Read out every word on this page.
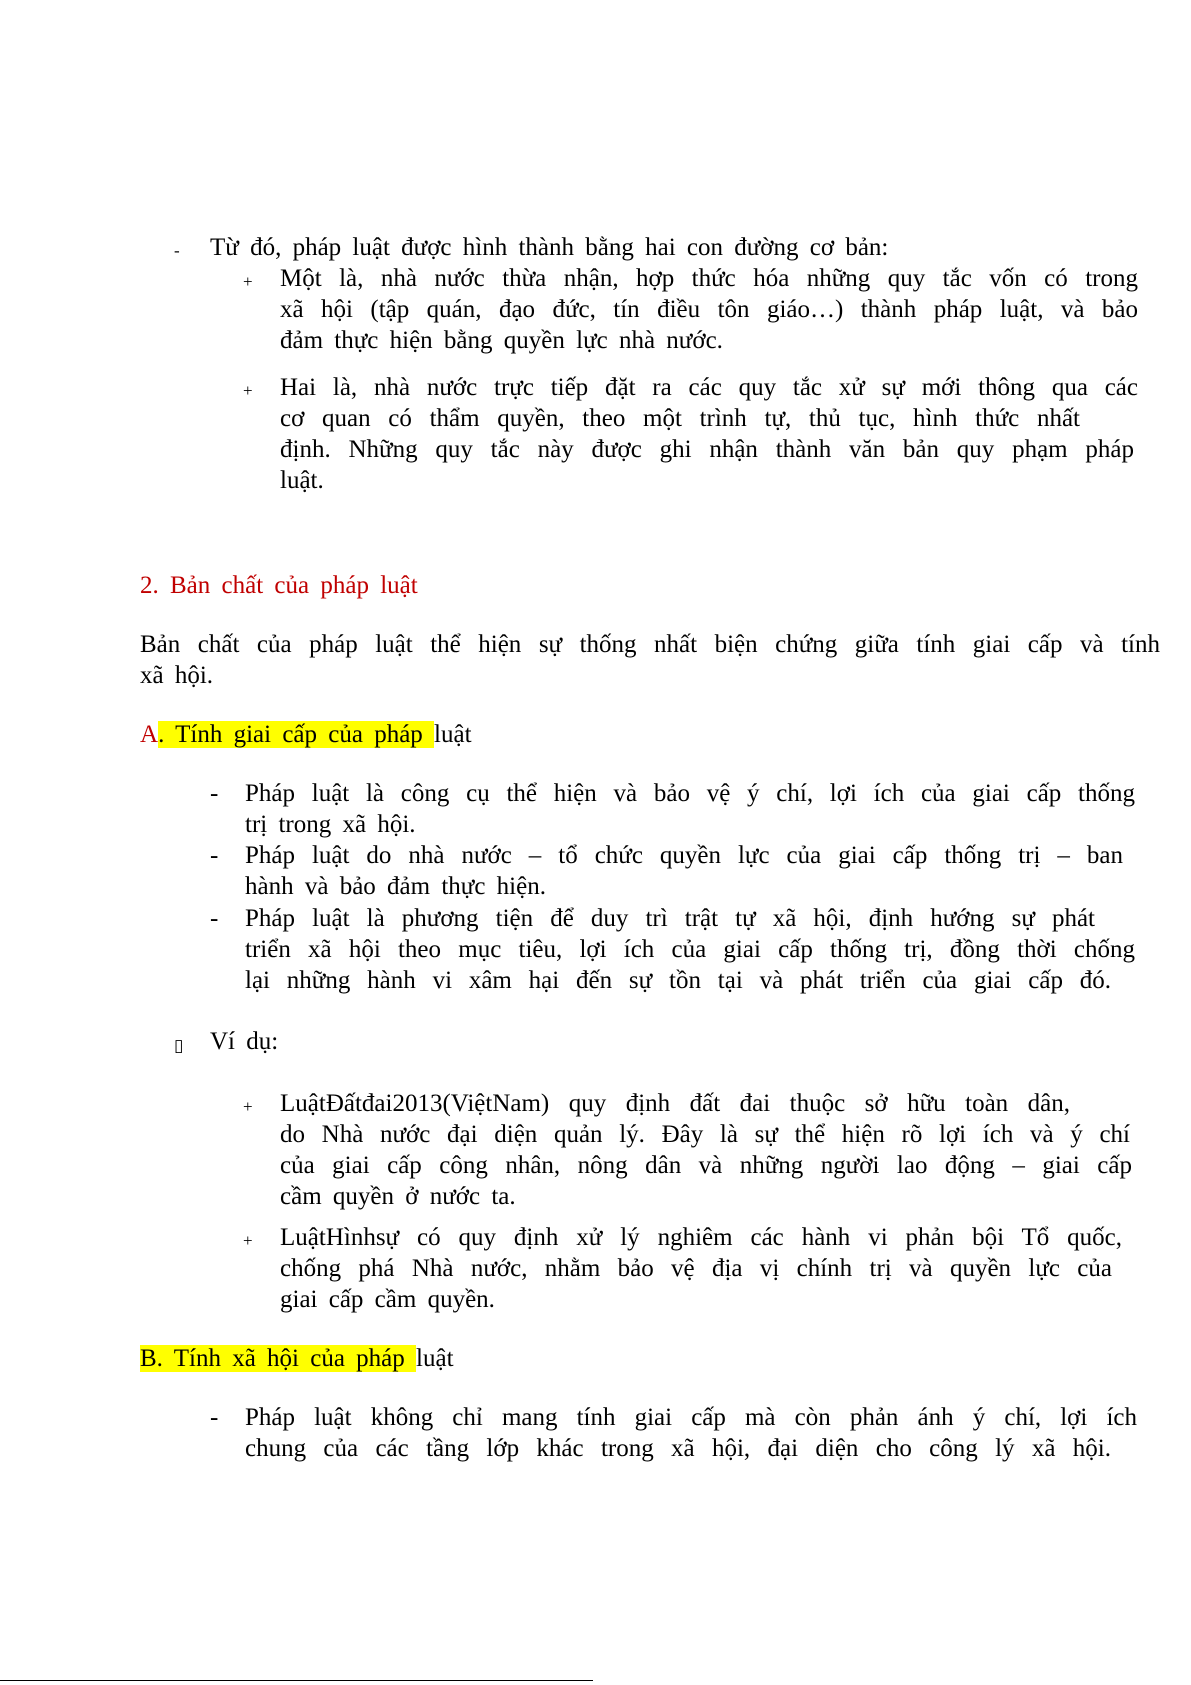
- Từ đó, pháp luật được hình thành bằng hai con đường cơ bản:
+ Một là, nhà nước thừa nhận, hợp thức hóa những quy tắc vốn có trong
xã hội (tập quán, đạo đức, tín điều tôn giáo…) thành pháp luật, và bảo
đảm thực hiện bằng quyền lực nhà nước.
+ Hai là, nhà nước trực tiếp đặt ra các quy tắc xử sự mới thông qua các
cơ quan có thẩm quyền, theo một trình tự, thủ tục, hình thức nhất
định. Những quy tắc này được ghi nhận thành văn bản quy phạm pháp
luật.
2. Bản chất của pháp luật
Bản chất của pháp luật thể hiện sự thống nhất biện chứng giữa tính giai cấp và tính
xã hội.
A. Tính giai cấp của pháp luật
- Pháp luật là công cụ thể hiện và bảo vệ ý chí, lợi ích của giai cấp thống
trị trong xã hội.
- Pháp luật do nhà nước – tổ chức quyền lực của giai cấp thống trị – ban
hành và bảo đảm thực hiện.
- Pháp luật là phương tiện để duy trì trật tự xã hội, định hướng sự phát
triển xã hội theo mục tiêu, lợi ích của giai cấp thống trị, đồng thời chống
lại những hành vi xâm hại đến sự tồn tại và phát triển của giai cấp đó.
▯ Ví dụ:
+ LuậtĐấtđai2013(ViệtNam) quy định đất đai thuộc sở hữu toàn dân,
do Nhà nước đại diện quản lý. Đây là sự thể hiện rõ lợi ích và ý chí
của giai cấp công nhân, nông dân và những người lao động – giai cấp
cầm quyền ở nước ta.
+ LuậtHìnhsự có quy định xử lý nghiêm các hành vi phản bội Tổ quốc,
chống phá Nhà nước, nhằm bảo vệ địa vị chính trị và quyền lực của
giai cấp cầm quyền.
B. Tính xã hội của pháp luật
- Pháp luật không chỉ mang tính giai cấp mà còn phản ánh ý chí, lợi ích
chung của các tầng lớp khác trong xã hội, đại diện cho công lý xã hội.
